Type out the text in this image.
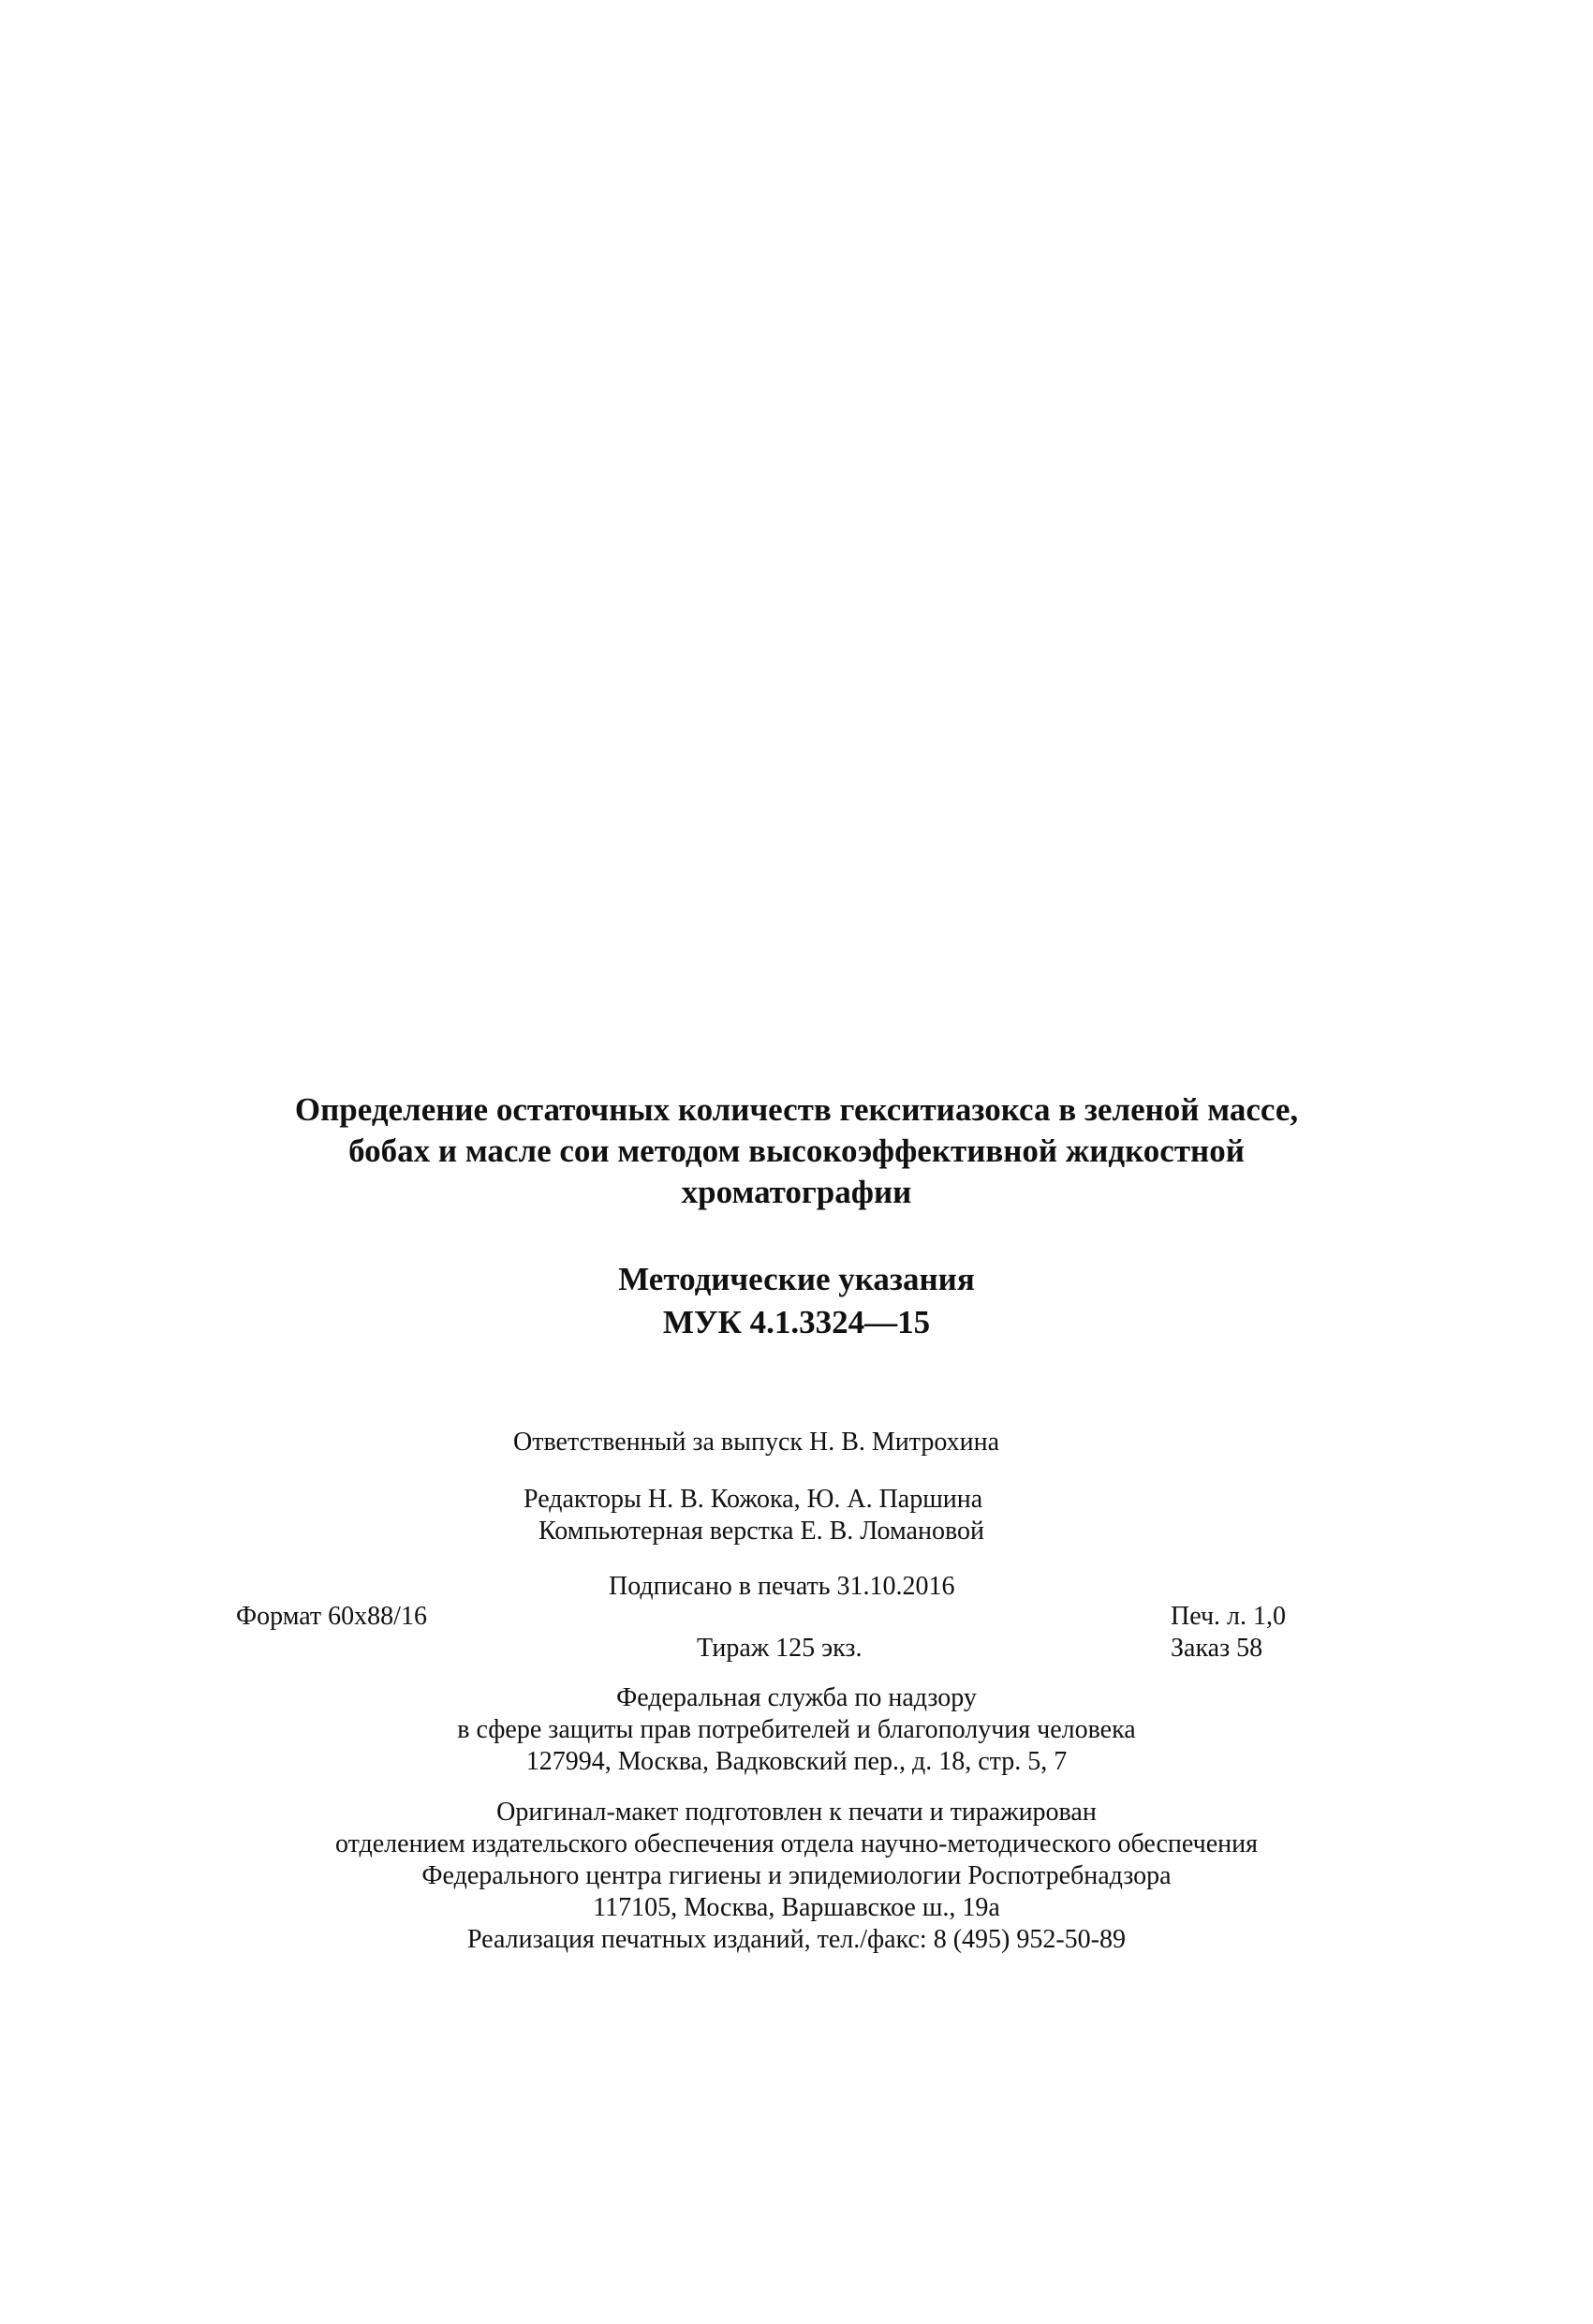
Определение остаточных количеств гекситиазокса в зеленой массе,
бобах и масле сои методом высокоэффективной жидкостной
хроматографии
Методические указания
МУК 4.1.3324—15
Ответственный за выпуск Н. В. Митрохина
Редакторы Н. В. Кожока, Ю. А. Паршина
Компьютерная верстка Е. В. Ломановой
Подписано в печать 31.10.2016
Формат 60х88/16	Печ. л. 1,0
Тираж 125 экз.	Заказ 58
Федеральная служба по надзору
в сфере защиты прав потребителей и благополучия человека
127994, Москва, Вадковский пер., д. 18, стр. 5, 7
Оригинал-макет подготовлен к печати и тиражирован
отделением издательского обеспечения отдела научно-методического обеспечения
Федерального центра гигиены и эпидемиологии Роспотребнадзора
117105, Москва, Варшавское ш., 19а
Реализация печатных изданий, тел./факс: 8 (495) 952-50-89
